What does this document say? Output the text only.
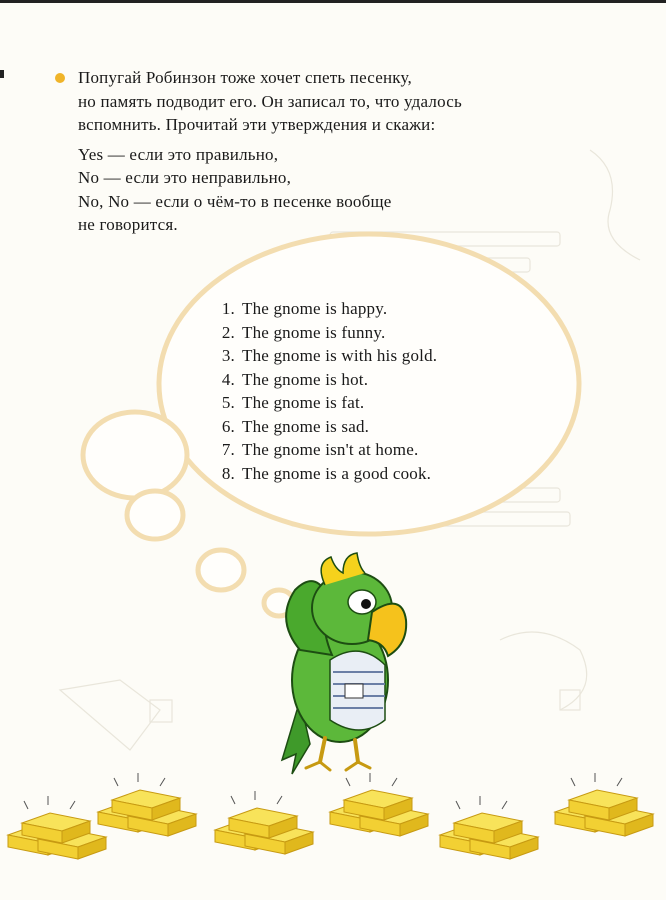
Попугай Робинзон тоже хочет спеть песенку,
но память подводит его. Он записал то, что удалось
вспомнить. Прочитай эти утверждения и скажи:
Yes — если это правильно,
No — если это неправильно,
No, No — если о чём-то в песенке вообще
не говорится.
1. The gnome is happy.
2. The gnome is funny.
3. The gnome is with his gold.
4. The gnome is hot.
5. The gnome is fat.
6. The gnome is sad.
7. The gnome isn't at home.
8. The gnome is a good cook.
